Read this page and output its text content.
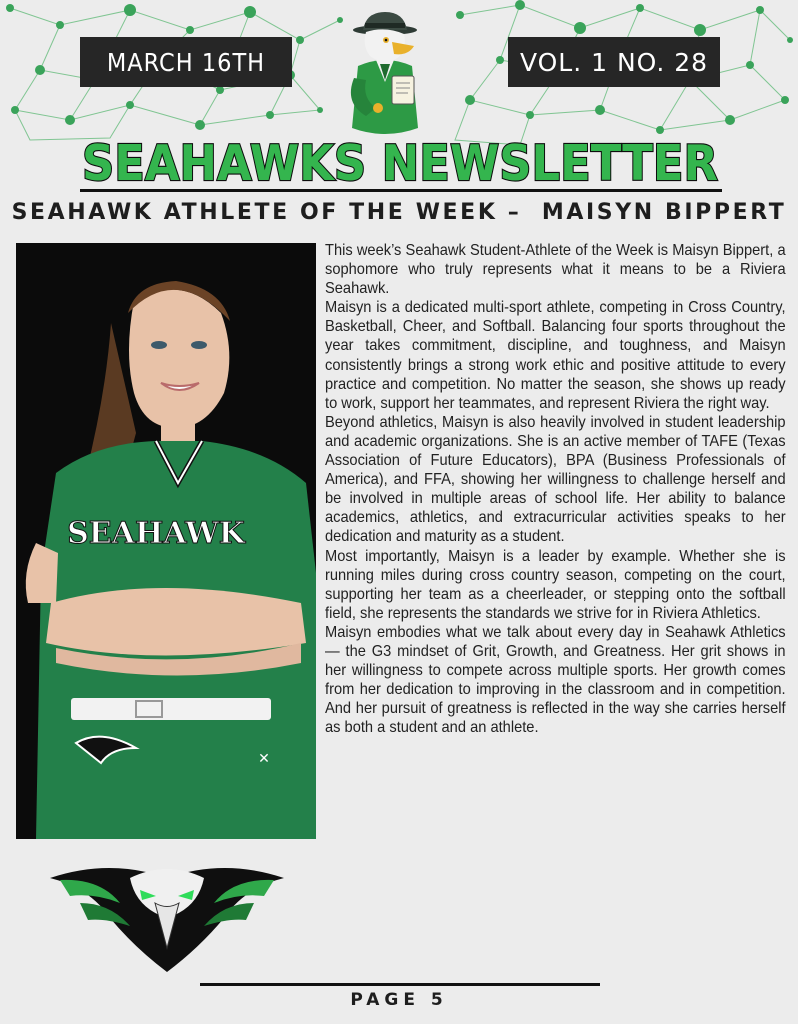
MARCH 16TH	VOL. 1 NO. 28
SEAHAWKS NEWSLETTER
SEAHAWK ATHLETE OF THE WEEK –  MAISYN BIPPERT
SEAHAWK
✕

This week’s Seahawk Student-Athlete of the Week is Maisyn Bippert, a sophomore who truly represents what it means to be a Riviera Seahawk.

Maisyn is a dedicated multi-sport athlete, competing in Cross Country, Basketball, Cheer, and Softball. Balancing four sports throughout the year takes commitment, discipline, and toughness, and Maisyn consistently brings a strong work ethic and positive attitude to every practice and competition. No matter the season, she shows up ready to work, support her teammates, and represent Riviera the right way.

Beyond athletics, Maisyn is also heavily involved in student leadership and academic organizations. She is an active member of TAFE (Texas Association of Future Educators), BPA (Business Professionals of America), and FFA, showing her willingness to challenge herself and be involved in multiple areas of school life. Her ability to balance academics, athletics, and extracurricular activities speaks to her dedication and maturity as a student.

Most importantly, Maisyn is a leader by example. Whether she is running miles during cross country season, competing on the court, supporting her team as a cheerleader, or stepping onto the softball field, she represents the standards we strive for in Riviera Athletics.

Maisyn embodies what we talk about every day in Seahawk Athletics — the G3 mindset of Grit, Growth, and Greatness. Her grit shows in her willingness to compete across multiple sports. Her growth comes from her dedication to improving in the classroom and in competition. And her pursuit of greatness is reflected in the way she carries herself as both a student and an athlete.

PAGE 5
